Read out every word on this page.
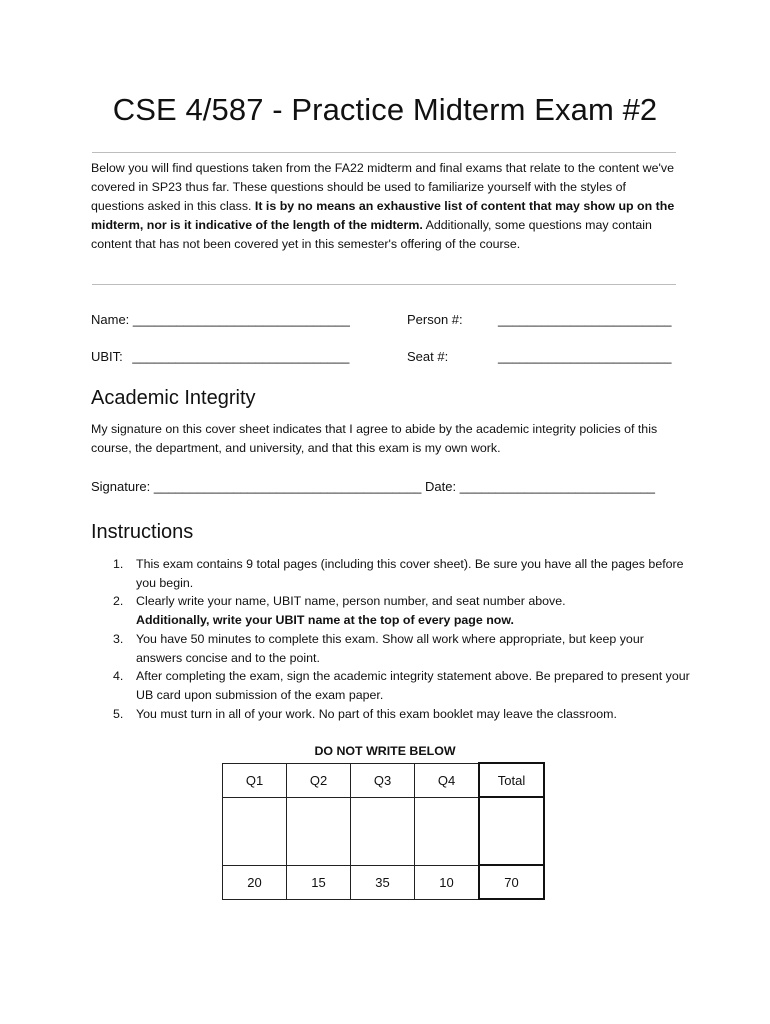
CSE 4/587 - Practice Midterm Exam #2

Below you will find questions taken from the FA22 midterm and final exams that relate to the content we've covered in SP23 thus far. These questions should be used to familiarize yourself with the styles of questions asked in this class. It is by no means an exhaustive list of content that may show up on the midterm, nor is it indicative of the length of the midterm. Additionally, some questions may contain content that has not been covered yet in this semester's offering of the course.

Name: ______________________________	Person #:	________________________
UBIT: ______________________________	Seat #:	________________________
Academic Integrity

My signature on this cover sheet indicates that I agree to abide by the academic integrity policies of this course, the department, and university, and that this exam is my own work.

Signature: _____________________________________ Date: ___________________________
Instructions
1. This exam contains 9 total pages (including this cover sheet). Be sure you have all the pages before you begin.
2. Clearly write your name, UBIT name, person number, and seat number above.
Additionally, write your UBIT name at the top of every page now.
3. You have 50 minutes to complete this exam. Show all work where appropriate, but keep your answers concise and to the point.
4. After completing the exam, sign the academic integrity statement above. Be prepared to present your UB card upon submission of the exam paper.
5. You must turn in all of your work. No part of this exam booklet may leave the classroom.
DO NOT WRITE BELOW
Q1	Q2	Q3	Q4	Total

20	15	35	10	70
